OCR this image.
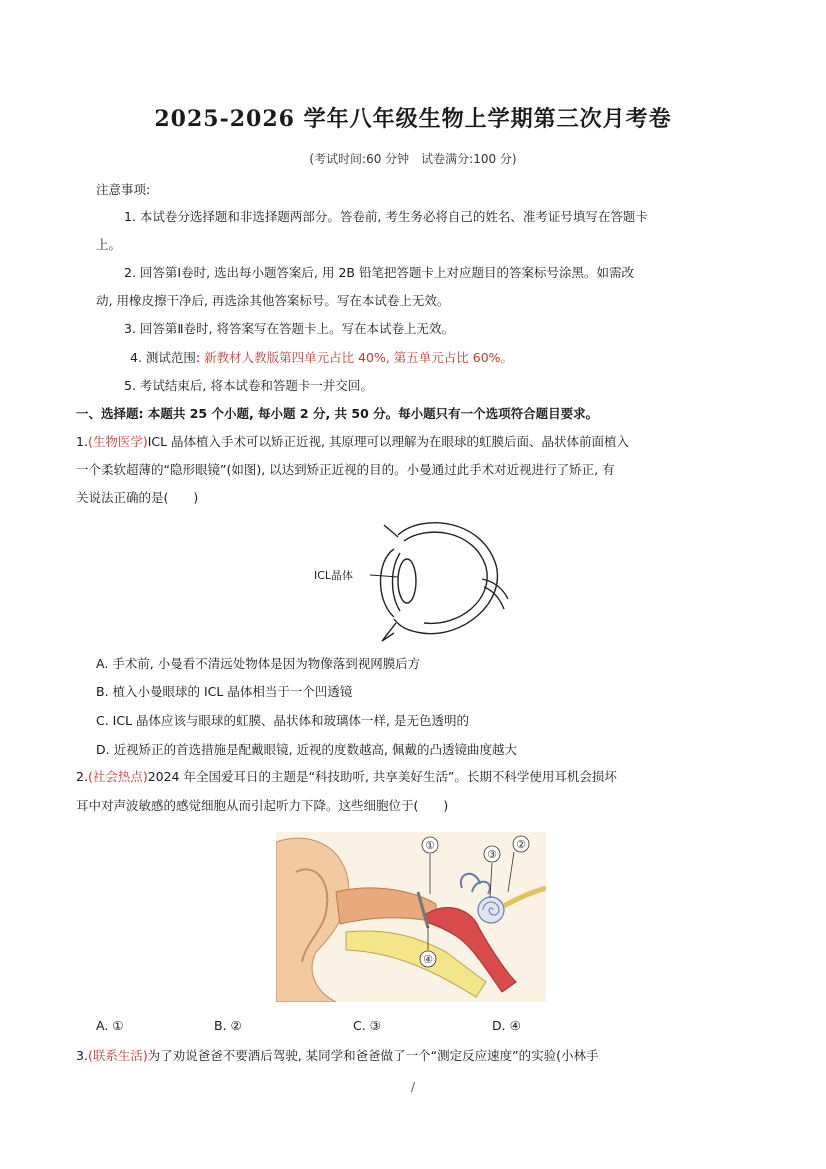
2025-2026 学年八年级生物上学期第三次月考卷
(考试时间:60 分钟　试卷满分:100 分)
注意事项:
1. 本试卷分选择题和非选择题两部分。答卷前, 考生务必将自己的姓名、准考证号填写在答题卡
上。
2. 回答第Ⅰ卷时, 选出每小题答案后, 用 2B 铅笔把答题卡上对应题目的答案标号涂黑。如需改
动, 用橡皮擦干净后, 再选涂其他答案标号。写在本试卷上无效。
3. 回答第Ⅱ卷时, 将答案写在答题卡上。写在本试卷上无效。
4. 测试范围: 新教材人教版第四单元占比 40%, 第五单元占比 60%。
5. 考试结束后, 将本试卷和答题卡一并交回。
一、选择题: 本题共 25 个小题, 每小题 2 分, 共 50 分。每小题只有一个选项符合题目要求。
1.(生物医学)ICL 晶体植入手术可以矫正近视, 其原理可以理解为在眼球的虹膜后面、晶状体前面植入
一个柔软超薄的“隐形眼镜”(如图), 以达到矫正近视的目的。小曼通过此手术对近视进行了矫正, 有
关说法正确的是(　　)
ICL晶体
A. 手术前, 小曼看不清远处物体是因为物像落到视网膜后方
B. 植入小曼眼球的 ICL 晶体相当于一个凹透镜
C. ICL 晶体应该与眼球的虹膜、晶状体和玻璃体一样, 是无色透明的
D. 近视矫正的首选措施是配戴眼镜, 近视的度数越高, 佩戴的凸透镜曲度越大
2.(社会热点)2024 年全国爱耳日的主题是“科技助听, 共享美好生活”。长期不科学使用耳机会损坏
耳中对声波敏感的感觉细胞从而引起听力下降。这些细胞位于(　　)
①	②
③
④
A. ①	B. ②	C. ③	D. ④
3.(联系生活)为了劝说爸爸不要酒后驾驶, 某同学和爸爸做了一个“测定反应速度”的实验(小林手
/
